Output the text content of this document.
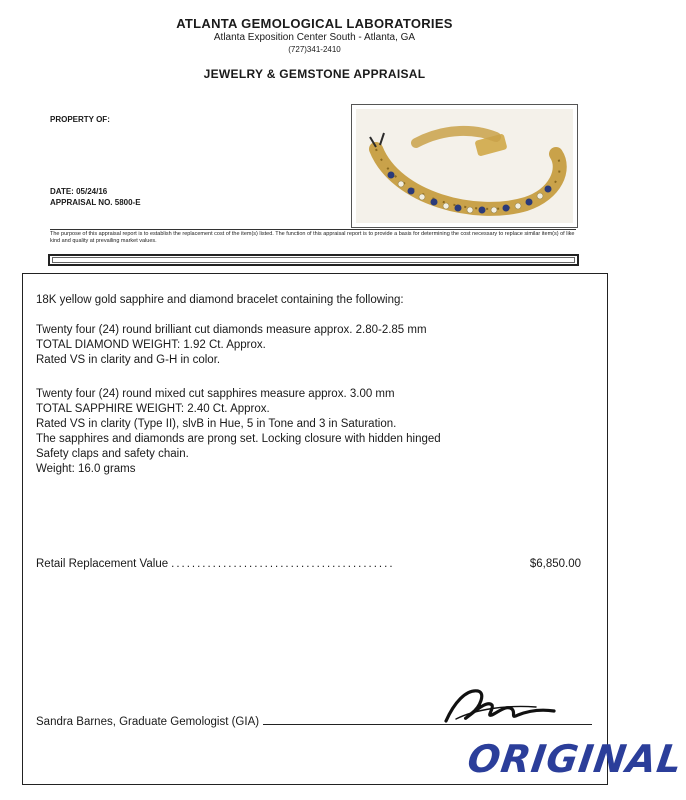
ATLANTA GEMOLOGICAL LABORATORIES
Atlanta Exposition Center South - Atlanta, GA
(727)341-2410
JEWELRY & GEMSTONE APPRAISAL
PROPERTY OF:
DATE: 05/24/16
APPRAISAL NO. 5800-E
The purpose of this appraisal report is to establish the replacement cost of the item(s) listed. The function of this appraisal report is to provide a basis for determining the cost necessary to replace similar item(s) of like kind and quality at prevailing market values.
18K yellow gold sapphire and diamond bracelet containing the following:
Twenty four (24) round brilliant cut diamonds measure approx. 2.80-2.85 mm
TOTAL DIAMOND WEIGHT: 1.92 Ct. Approx.
Rated VS in clarity and G-H in color.
Twenty four (24) round mixed cut sapphires measure approx. 3.00 mm
TOTAL SAPPHIRE WEIGHT: 2.40 Ct. Approx.
Rated VS in clarity (Type II), slvB in Hue, 5 in Tone and 3 in Saturation.
The sapphires and diamonds are prong set. Locking closure with hidden hinged
Safety claps and safety chain.
Weight: 16.0 grams
Retail Replacement Value ...........................................	$6,850.00
Sandra Barnes, Graduate Gemologist (GIA)
ORIGINAL
